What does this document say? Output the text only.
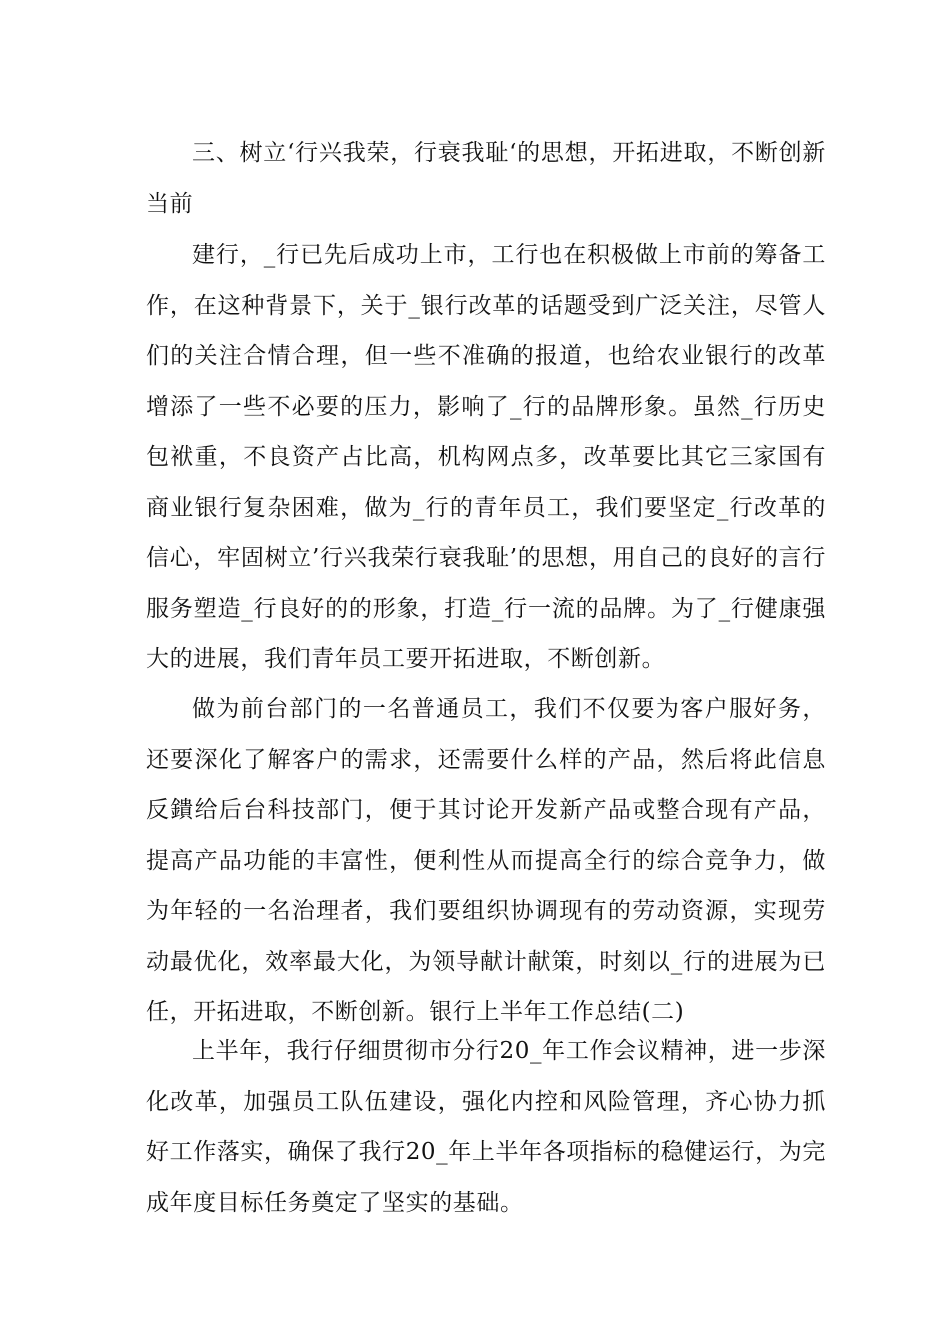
三、树立‘行兴我荣，行衰我耻‘的思想，开拓进取，不断创新当前

建行，_行已先后成功上市，工行也在积极做上市前的筹备工作，在这种背景下，关于_银行改革的话题受到广泛关注，尽管人们的关注合情合理，但一些不准确的报道，也给农业银行的改革增添了一些不必要的压力，影响了_行的品牌形象。虽然_行历史包袱重，不良资产占比高，机构网点多，改革要比其它三家国有商业银行复杂困难，做为_行的青年员工，我们要坚定_行改革的信心，牢固树立’行兴我荣行衰我耻’的思想，用自己的良好的言行服务塑造_行良好的的形象，打造_行一流的品牌。为了_行健康强大的进展，我们青年员工要开拓进取，不断创新。

做为前台部门的一名普通员工，我们不仅要为客户服好务，还要深化了解客户的需求，还需要什么样的产品，然后将此信息反鐀给后台科技部门，便于其讨论开发新产品戓整合现有产品，提高产品功能的丰富性，便利性从而提高全行的综合竞争力，做为年轻的一名治理者，我们要组织协调现有的劳动资源，实现劳动最优化，效率最大化，为领导献计献策，时刻以_行的进展为已任，开拓进取，不断创新。银行上半年工作总结(二)

上半年，我行仔细贯彻市分行20_年工作会议精神，进一步深化改革，加强员工队伍建设，强化内控和风险管理，齐心协力抓好工作落实，确保了我行20_年上半年各项指标的稳健运行，为完成年度目标任务奠定了坚实的基础。
